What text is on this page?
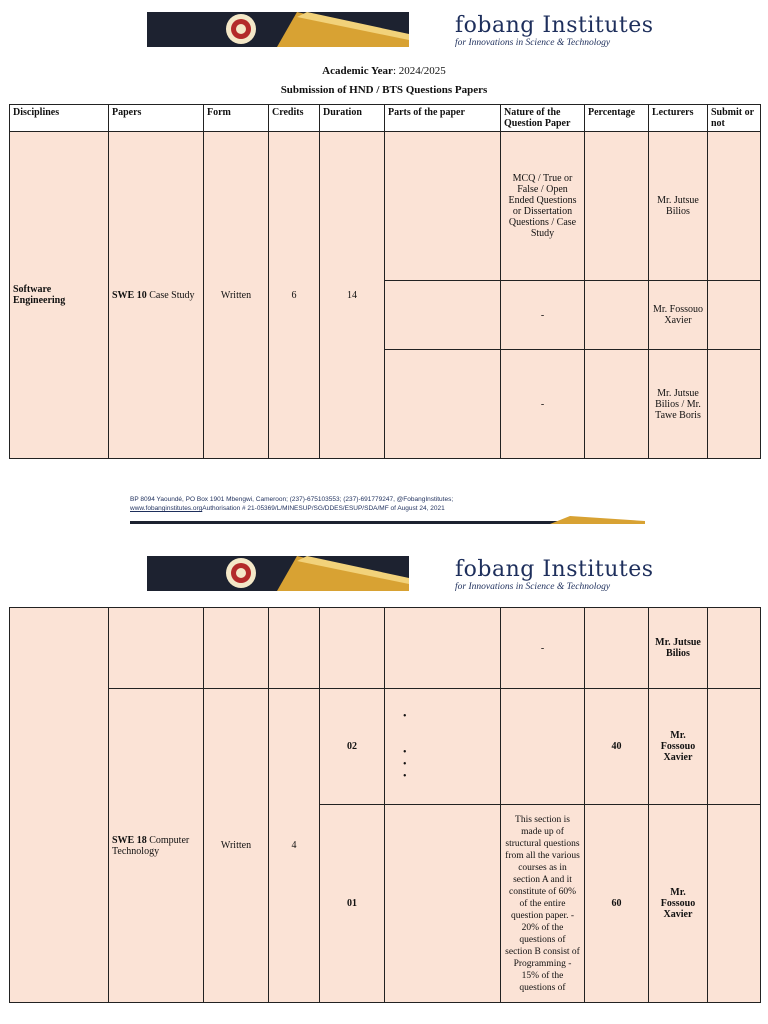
fobang Institutes
for Innovations in Science & Technology
Academic Year: 2024/2025
Submission of HND / BTS Questions Papers
Disciplines	Papers	Form	Credits	Duration	Parts of the paper	Nature of the Question Paper	Percentage	Lecturers	Submit or not
Software Engineering	SWE 10 Case Study	Written	6	14		MCQ / True or False / Open Ended Questions or Dissertation Questions / Case Study		Mr. Jutsue Bilios	
						-		Mr. Fossouo Xavier	
						-		Mr. Jutsue Bilios / Mr. Tawe Boris	
BP 8094 Yaoundé, PO Box 1901 Mbengwi, Cameroon; (237)-675103553; (237)-691779247, @FobangInstitutes;
www.fobanginstitutes.orgAuthorisation # 21-05369/L/MINESUP/SG/DDES/ESUP/SDA/MF of August 24, 2021
fobang Institutes
for Innovations in Science & Technology
						-		Mr. Jutsue Bilios	
	SWE 18 Computer Technology	Written	4	02	•
•
•
•		40	Mr. Fossouo Xavier	
				01		This section is made up of structural questions from all the various courses as in section A and it constitute of 60% of the entire question paper. - 20% of the questions of section B consist of Programming - 15% of the questions of	60	Mr. Fossouo Xavier	
